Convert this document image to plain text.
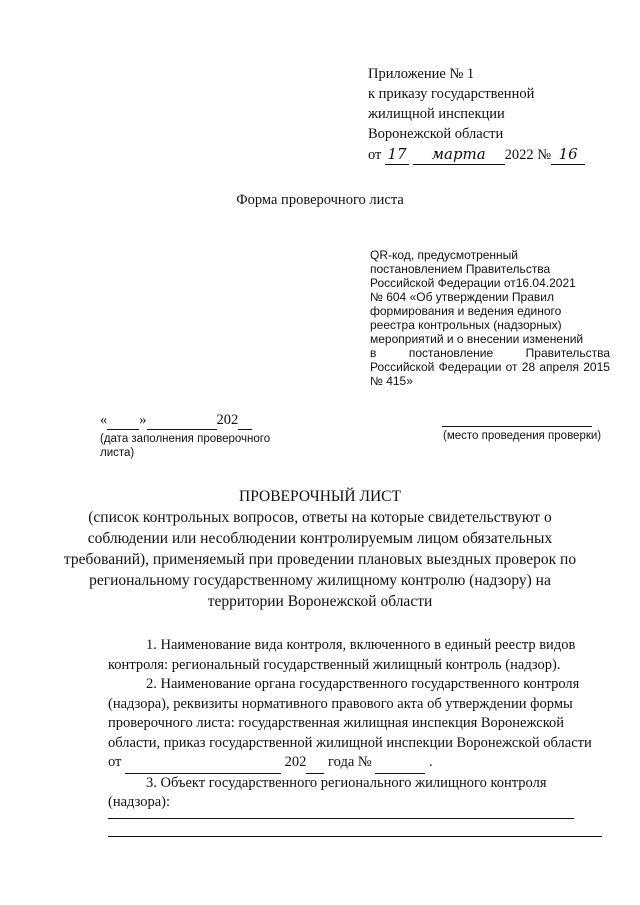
Приложение № 1
к приказу государственной
жилищной инспекции
Воронежской области
от 17 марта 2022 № 16
Форма проверочного листа
QR-код, предусмотренный
постановлением Правительства
Российской Федерации от16.04.2021
№ 604 «Об утверждении Правил
формирования и ведения единого
реестра контрольных (надзорных)
мероприятий и о внесении изменений
в	постановление	Правительства
Российской Федерации от 28 апреля 2015
№ 415»
« »	202
(дата заполнения проверочного листа)
(место проведения проверки)
ПРОВЕРОЧНЫЙ ЛИСТ
(список контрольных вопросов, ответы на которые свидетельствуют о
соблюдении или несоблюдении контролируемым лицом обязательных
требований), применяемый при проведении плановых выездных проверок по
региональному государственному жилищному контролю (надзору) на
территории Воронежской области
1. Наименование вида контроля, включенного в единый реестр видов
контроля: региональный государственный жилищный контроль (надзор).
2. Наименование органа государственного государственного контроля
(надзора), реквизиты нормативного правового акта об утверждении формы
проверочного листа: государственная жилищная инспекция Воронежской
области, приказ государственной жилищной инспекции Воронежской области
от	202 года №	.
3. Объект государственного регионального жилищного контроля
(надзора):
